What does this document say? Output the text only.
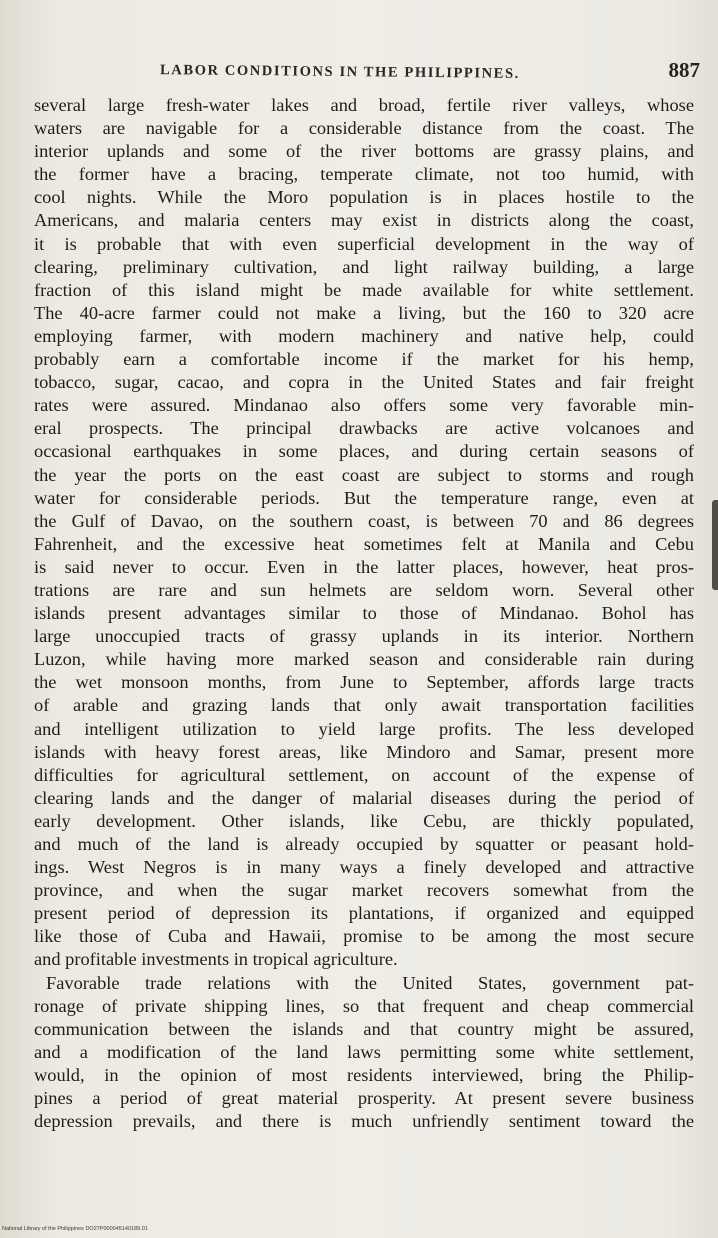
LABOR CONDITIONS IN THE PHILIPPINES.	887
several large fresh-water lakes and broad, fertile river valleys, whose
waters are navigable for a considerable distance from the coast. The
interior uplands and some of the river bottoms are grassy plains, and
the former have a bracing, temperate climate, not too humid, with
cool nights. While the Moro population is in places hostile to the
Americans, and malaria centers may exist in districts along the coast,
it is probable that with even superficial development in the way of
clearing, preliminary cultivation, and light railway building, a large
fraction of this island might be made available for white settlement.
The 40-acre farmer could not make a living, but the 160 to 320 acre
employing farmer, with modern machinery and native help, could
probably earn a comfortable income if the market for his hemp,
tobacco, sugar, cacao, and copra in the United States and fair freight
rates were assured. Mindanao also offers some very favorable min-
eral prospects. The principal drawbacks are active volcanoes and
occasional earthquakes in some places, and during certain seasons of
the year the ports on the east coast are subject to storms and rough
water for considerable periods. But the temperature range, even at
the Gulf of Davao, on the southern coast, is between 70 and 86 degrees
Fahrenheit, and the excessive heat sometimes felt at Manila and Cebu
is said never to occur. Even in the latter places, however, heat pros-
trations are rare and sun helmets are seldom worn. Several other
islands present advantages similar to those of Mindanao. Bohol has
large unoccupied tracts of grassy uplands in its interior. Northern
Luzon, while having more marked season and considerable rain during
the wet monsoon months, from June to September, affords large tracts
of arable and grazing lands that only await transportation facilities
and intelligent utilization to yield large profits. The less developed
islands with heavy forest areas, like Mindoro and Samar, present more
difficulties for agricultural settlement, on account of the expense of
clearing lands and the danger of malarial diseases during the period of
early development. Other islands, like Cebu, are thickly populated,
and much of the land is already occupied by squatter or peasant hold-
ings. West Negros is in many ways a finely developed and attractive
province, and when the sugar market recovers somewhat from the
present period of depression its plantations, if organized and equipped
like those of Cuba and Hawaii, promise to be among the most secure
and profitable investments in tropical agriculture.
Favorable trade relations with the United States, government pat-
ronage of private shipping lines, so that frequent and cheap commercial
communication between the islands and that country might be assured,
and a modification of the land laws permitting some white settlement,
would, in the opinion of most residents interviewed, bring the Philip-
pines a period of great material prosperity. At present severe business
depression prevails, and there is much unfriendly sentiment toward the
National Library of the Philippines DO27P000045140189.01
